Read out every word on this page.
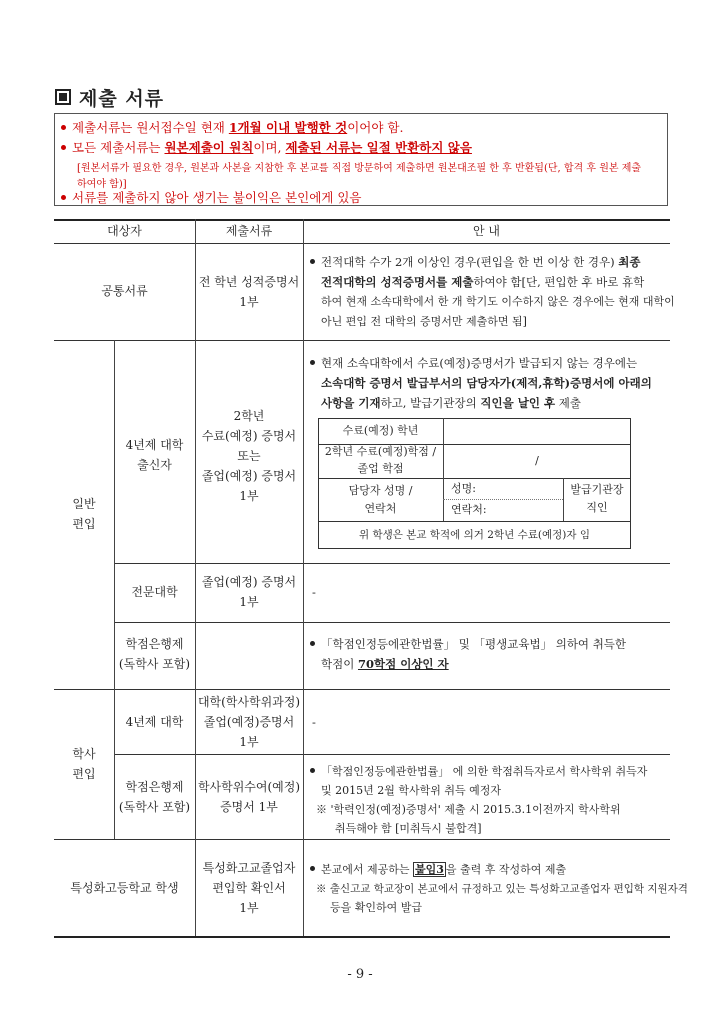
제출 서류
제출서류는 원서접수일 현재 1개월 이내 발행한 것이어야 함.
모든 제출서류는 원본제출이 원칙이며, 제출된 서류는 일절 반환하지 않음
[원본서류가 필요한 경우, 원본과 사본을 지참한 후 본교를 직접 방문하여 제출하면 원본대조필 한 후 반환됨(단, 합격 후 원본 제출
하여야 함)]
서류를 제출하지 않아 생기는 불이익은 본인에게 있음
대상자	제출서류	안 내
공통서류
전 학년 성적증명서
1부
전적대학 수가 2개 이상인 경우(편입을 한 번 이상 한 경우) 최종
전적대학의 성적증명서를 제출하여야 함[단, 편입한 후 바로 휴학
하여 현재 소속대학에서 한 개 학기도 이수하지 않은 경우에는 현재 대학이
아닌 편입 전 대학의 증명서만 제출하면 됨]
일반
편입
4년제 대학
출신자
2학년
수료(예정) 증명서
또는
졸업(예정) 증명서
1부
현재 소속대학에서 수료(예정)증명서가 발급되지 않는 경우에는
소속대학 증명서 발급부서의 담당자가(제적,휴학)증명서에 아래의
사항을 기재하고, 발급기관장의 직인을 날인 후 제출
수료(예정) 학년
2학년 수료(예정)학점 /
졸업 학점
/
담당자 성명 /
연락처
성명:
연락처:
발급기관장
직인
위 학생은 본교 학적에 의거 2학년 수료(예정)자 임
전문대학
졸업(예정) 증명서
1부
-
학점은행제
(독학사 포함)
「학점인정등에관한법률」 및 「평생교육법」 의하여 취득한
학점이 70학점 이상인 자
학사
편입
4년제 대학
대학(학사학위과정)
졸업(예정)증명서
1부
-
학점은행제
(독학사 포함)
학사학위수여(예정)
증명서 1부
「학점인정등에관한법률」 에 의한 학점취득자로서 학사학위 취득자
및 2015년 2월 학사학위 취득 예정자
※ '학력인정(예정)증명서' 제출 시 2015.3.1이전까지 학사학위
취득해야 함 [미취득시 불합격]
특성화고등학교 학생
특성화고교졸업자
편입학 확인서
1부
본교에서 제공하는 붙임3 을 출력 후 작성하여 제출
※ 출신고교 학교장이 본교에서 규정하고 있는 특성화고교졸업자 편입학 지원자격
등을 확인하여 발급
- 9 -
